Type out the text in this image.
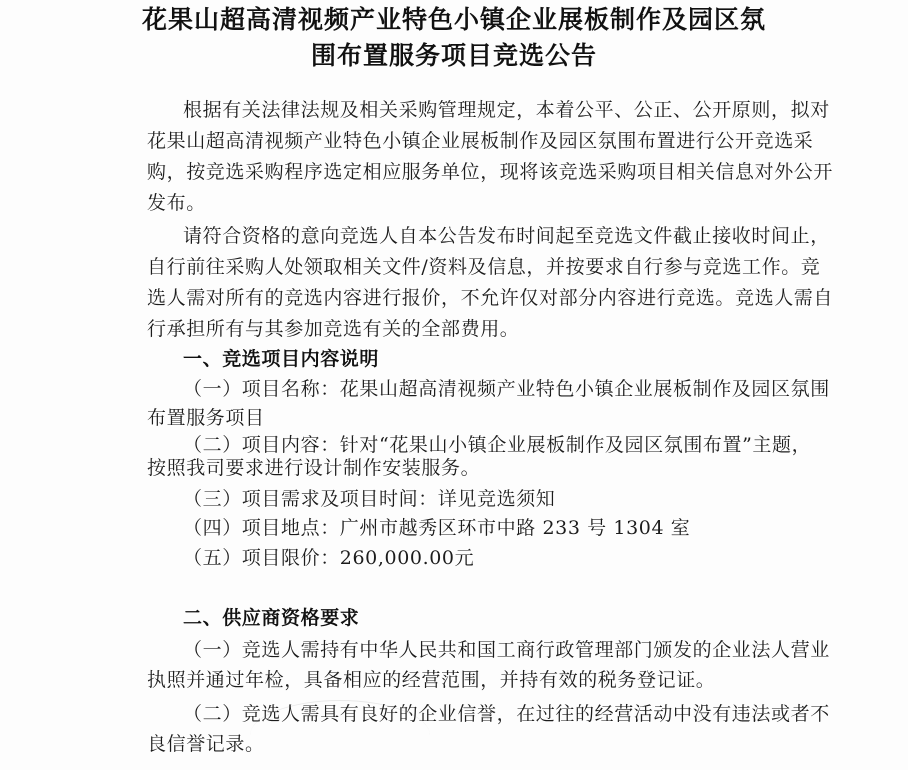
花果山超高清视频产业特色小镇企业展板制作及园区氛
围布置服务项目竞选公告
根据有关法律法规及相关采购管理规定，本着公平、公正、公开原则，拟对
花果山超高清视频产业特色小镇企业展板制作及园区氛围布置进行公开竞选采
购，按竞选采购程序选定相应服务单位，现将该竞选采购项目相关信息对外公开
发布。
请符合资格的意向竞选人自本公告发布时间起至竞选文件截止接收时间止，
自行前往采购人处领取相关文件/资料及信息，并按要求自行参与竞选工作。竞
选人需对所有的竞选内容进行报价，不允许仅对部分内容进行竞选。竞选人需自
行承担所有与其参加竞选有关的全部费用。
一、竞选项目内容说明
（一）项目名称：花果山超高清视频产业特色小镇企业展板制作及园区氛围
布置服务项目
（二）项目内容：针对“花果山小镇企业展板制作及园区氛围布置”主题，
按照我司要求进行设计制作安装服务。
（三）项目需求及项目时间：详见竞选须知
（四）项目地点：广州市越秀区环市中路 233 号 1304 室
（五）项目限价：260,000.00元
二、供应商资格要求
（一）竞选人需持有中华人民共和国工商行政管理部门颁发的企业法人营业
执照并通过年检，具备相应的经营范围，并持有效的税务登记证。
（二）竞选人需具有良好的企业信誉，在过往的经营活动中没有违法或者不
良信誉记录。
